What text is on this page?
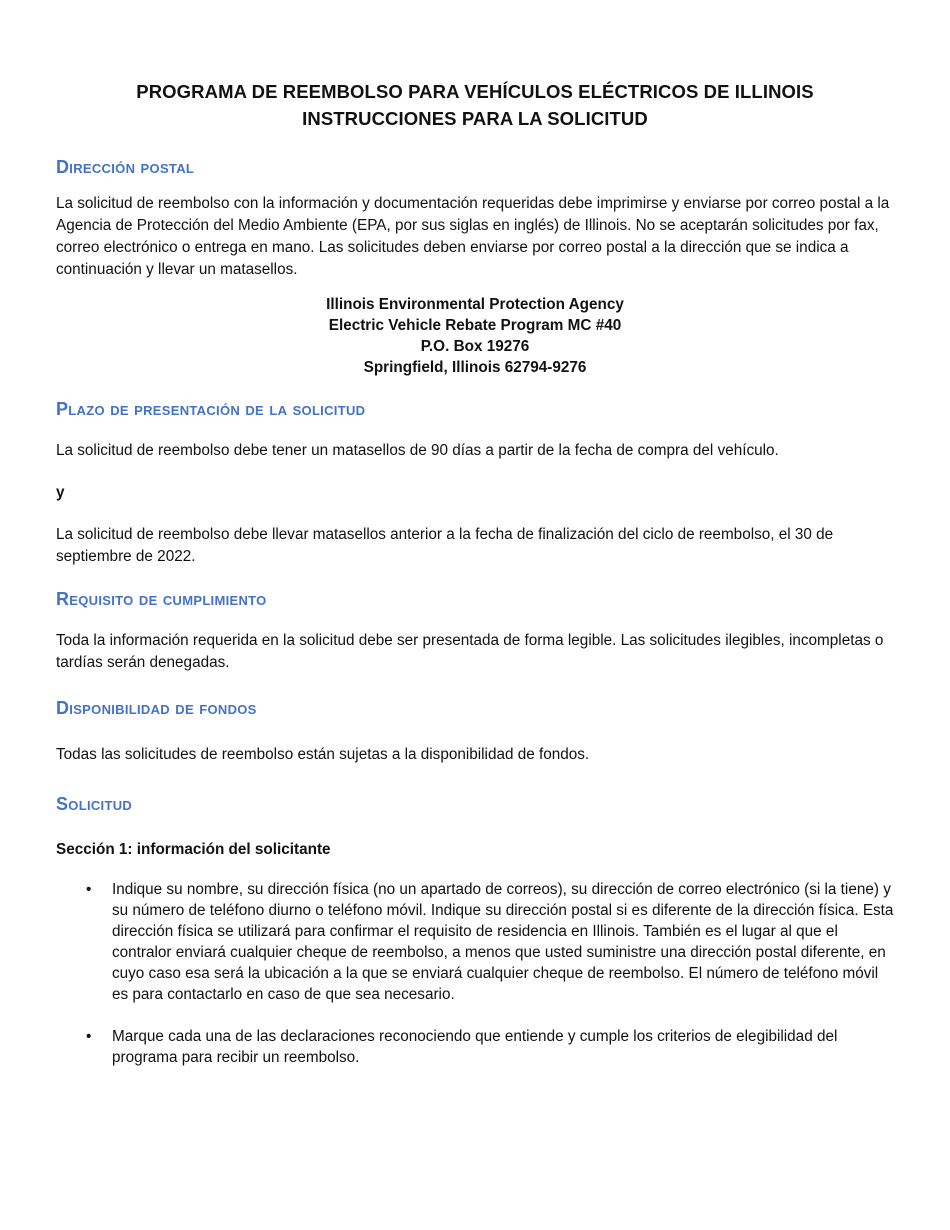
PROGRAMA DE REEMBOLSO PARA VEHÍCULOS ELÉCTRICOS DE ILLINOIS
INSTRUCCIONES PARA LA SOLICITUD
Dirección postal

La solicitud de reembolso con la información y documentación requeridas debe imprimirse y enviarse por correo postal a la Agencia de Protección del Medio Ambiente (EPA, por sus siglas en inglés) de Illinois. No se aceptarán solicitudes por fax, correo electrónico o entrega en mano. Las solicitudes deben enviarse por correo postal a la dirección que se indica a continuación y llevar un matasellos.

Illinois Environmental Protection Agency
Electric Vehicle Rebate Program MC #40
P.O. Box 19276
Springfield, Illinois 62794-9276
Plazo de presentación de la solicitud

La solicitud de reembolso debe tener un matasellos de 90 días a partir de la fecha de compra del vehículo.

y

La solicitud de reembolso debe llevar matasellos anterior a la fecha de finalización del ciclo de reembolso, el 30 de septiembre de 2022.

Requisito de cumplimiento

Toda la información requerida en la solicitud debe ser presentada de forma legible. Las solicitudes ilegibles, incompletas o tardías serán denegadas.

Disponibilidad de fondos

Todas las solicitudes de reembolso están sujetas a la disponibilidad de fondos.

Solicitud

Sección 1: información del solicitante

• Indique su nombre, su dirección física (no un apartado de correos), su dirección de correo electrónico (si la tiene) y su número de teléfono diurno o teléfono móvil. Indique su dirección postal si es diferente de la dirección física. Esta dirección física se utilizará para confirmar el requisito de residencia en Illinois. También es el lugar al que el contralor enviará cualquier cheque de reembolso, a menos que usted suministre una dirección postal diferente, en cuyo caso esa será la ubicación a la que se enviará cualquier cheque de reembolso. El número de teléfono móvil es para contactarlo en caso de que sea necesario.
• Marque cada una de las declaraciones reconociendo que entiende y cumple los criterios de elegibilidad del programa para recibir un reembolso.
